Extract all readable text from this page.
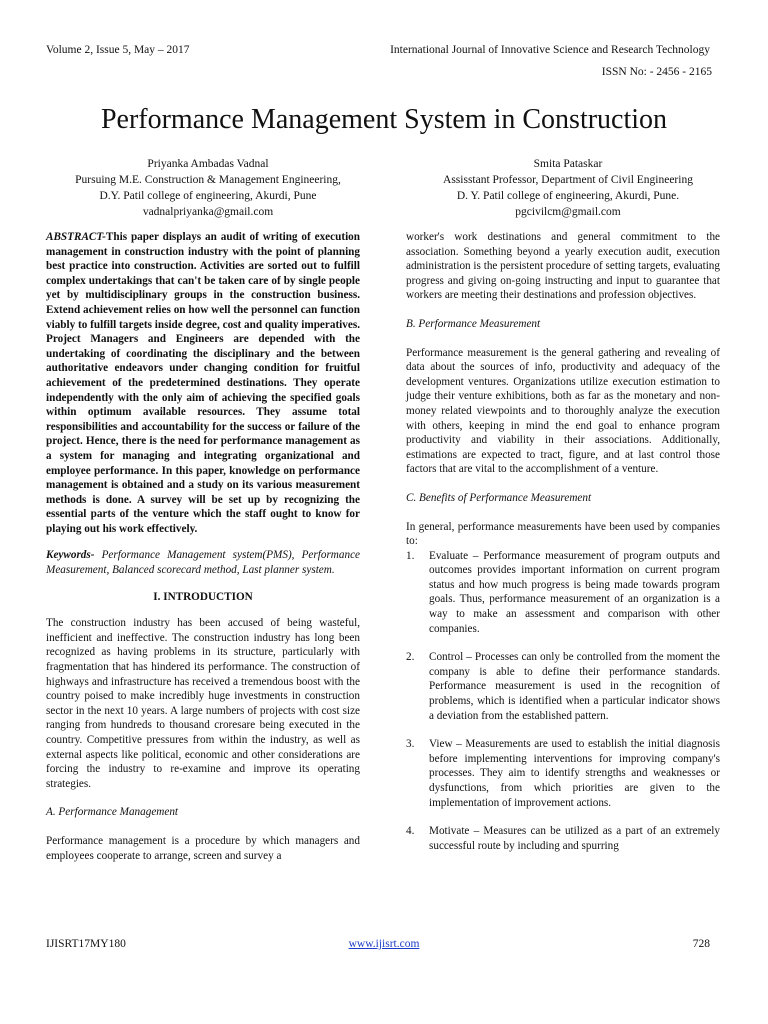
Volume 2, Issue 5, May – 2017	International Journal of Innovative Science and Research Technology
ISSN No: - 2456 - 2165
Performance Management System in Construction
Priyanka Ambadas Vadnal
Pursuing M.E. Construction & Management Engineering,
D.Y. Patil college of engineering, Akurdi, Pune
vadnalpriyanka@gmail.com
Smita Pataskar
Assisstant Professor, Department of Civil Engineering
D. Y. Patil college of engineering, Akurdi, Pune.
pgcivilcm@gmail.com

ABSTRACT-This paper displays an audit of writing of execution management in construction industry with the point of planning best practice into construction. Activities are sorted out to fulfill complex undertakings that can't be taken care of by single people yet by multidisciplinary groups in the construction business. Extend achievement relies on how well the personnel can function viably to fulfill targets inside degree, cost and quality imperatives. Project Managers and Engineers are depended with the undertaking of coordinating the disciplinary and the between authoritative endeavors under changing condition for fruitful achievement of the predetermined destinations. They operate independently with the only aim of achieving the specified goals within optimum available resources. They assume total responsibilities and accountability for the success or failure of the project. Hence, there is the need for performance management as a system for managing and integrating organizational and employee performance. In this paper, knowledge on performance management is obtained and a study on its various measurement methods is done. A survey will be set up by recognizing the essential parts of the venture which the staff ought to know for playing out his work effectively.

Keywords- Performance Management system(PMS), Performance Measurement, Balanced scorecard method, Last planner system.

I. INTRODUCTION

The construction industry has been accused of being wasteful, inefficient and ineffective. The construction industry has long been recognized as having problems in its structure, particularly with fragmentation that has hindered its performance. The construction of highways and infrastructure has received a tremendous boost with the country poised to make incredibly huge investments in construction sector in the next 10 years. A large numbers of projects with cost size ranging from hundreds to thousand croresare being executed in the country. Competitive pressures from within the industry, as well as external aspects like political, economic and other considerations are forcing the industry to re-examine and improve its operating strategies.

A. Performance Management

Performance management is a procedure by which managers and employees cooperate to arrange, screen and survey a

worker's work destinations and general commitment to the association. Something beyond a yearly execution audit, execution administration is the persistent procedure of setting targets, evaluating progress and giving on-going instructing and input to guarantee that workers are meeting their destinations and profession objectives.

B. Performance Measurement

Performance measurement is the general gathering and revealing of data about the sources of info, productivity and adequacy of the development ventures. Organizations utilize execution estimation to judge their venture exhibitions, both as far as the monetary and non-money related viewpoints and to thoroughly analyze the execution with others, keeping in mind the end goal to enhance program productivity and viability in their associations. Additionally, estimations are expected to tract, figure, and at last control those factors that are vital to the accomplishment of a venture.

C. Benefits of Performance Measurement

In general, performance measurements have been used by companies to:

1.	Evaluate – Performance measurement of program outputs and outcomes provides important information on current program status and how much progress is being made towards program goals. Thus, performance measurement of an organization is a way to make an assessment and comparison with other companies.
2.	Control – Processes can only be controlled from the moment the company is able to define their performance standards. Performance measurement is used in the recognition of problems, which is identified when a particular indicator shows a deviation from the established pattern.
3.	View – Measurements are used to establish the initial diagnosis before implementing interventions for improving company's processes. They aim to identify strengths and weaknesses or dysfunctions, from which priorities are given to the implementation of improvement actions.
4.	Motivate – Measures can be utilized as a part of an extremely successful route by including and spurring
IJISRT17MY180	www.ijisrt.com	728
